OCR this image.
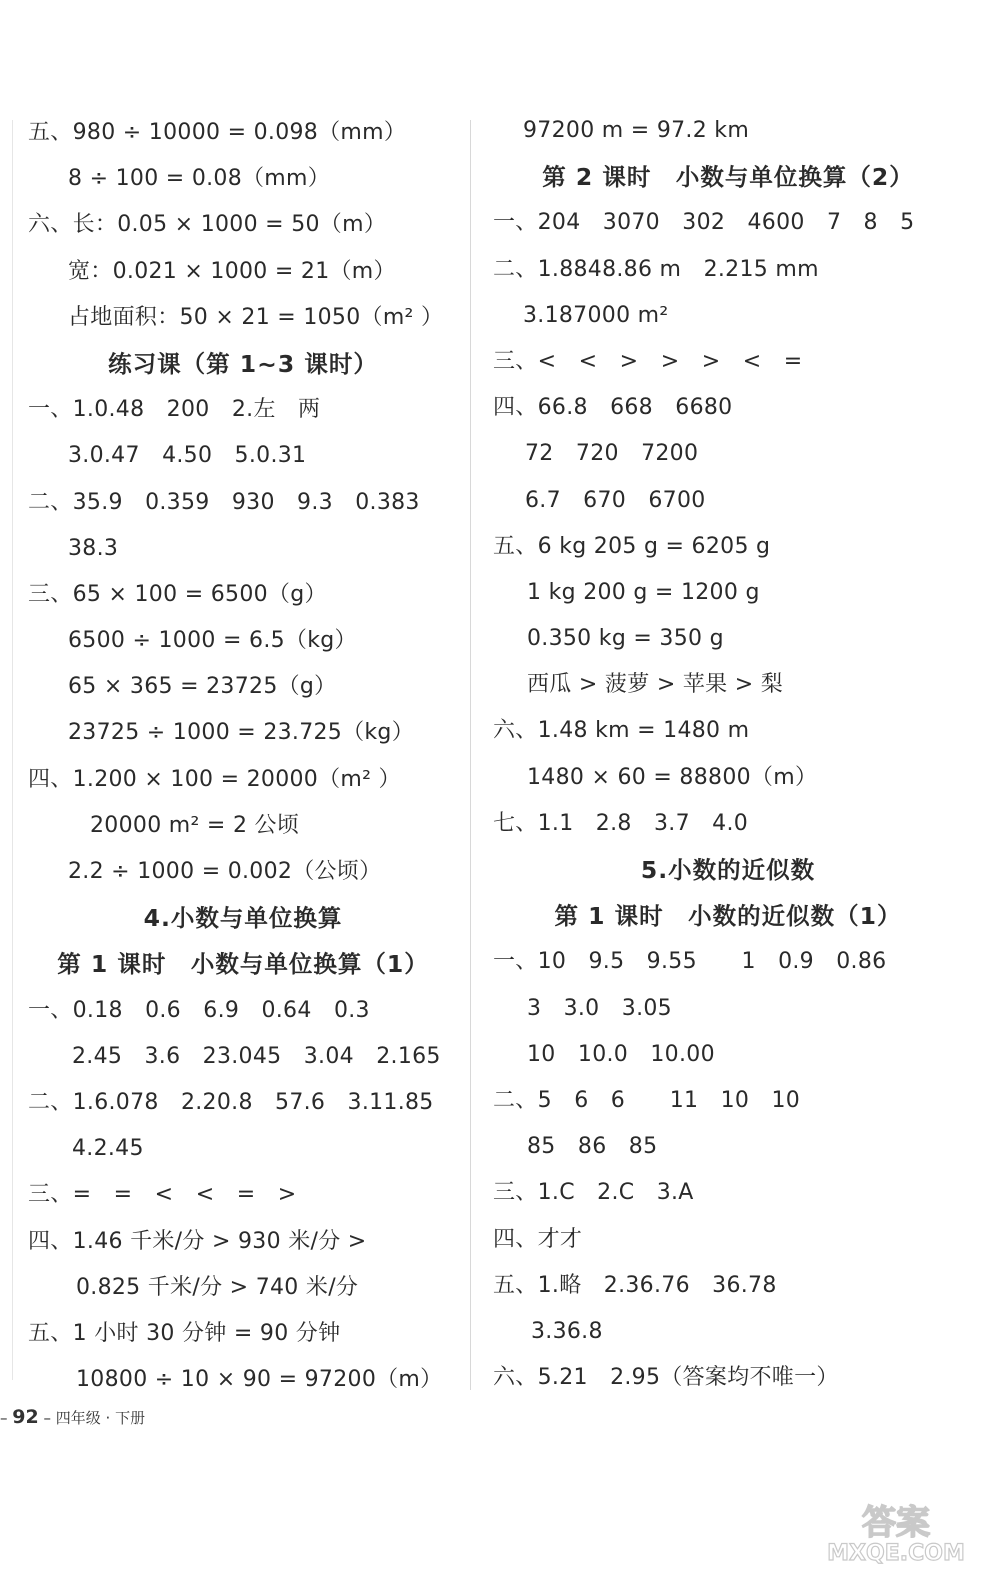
五、980 ÷ 10000 = 0.098（mm）
8 ÷ 100 = 0.08（mm）
六、长：0.05 × 1000 = 50（m）
宽：0.021 × 1000 = 21（m）
占地面积：50 × 21 = 1050（m² ）
练习课（第 1~3 课时）
一、1.0.48　200　2.左　两
3.0.47　4.50　5.0.31
二、35.9　0.359　930　9.3　0.383
38.3
三、65 × 100 = 6500（g）
6500 ÷ 1000 = 6.5（kg）
65 × 365 = 23725（g）
23725 ÷ 1000 = 23.725（kg）
四、1.200 × 100 = 20000（m² ）
20000 m² = 2 公顷
2.2 ÷ 1000 = 0.002（公顷）
4.小数与单位换算
第 1 课时　小数与单位换算（1）
一、0.18　0.6　6.9　0.64　0.3
2.45　3.6　23.045　3.04　2.165
二、1.6.078　2.20.8　57.6　3.11.85
4.2.45
三、=　=　<　<　=　>
四、1.46 千米/分 > 930 米/分 >
0.825 千米/分 > 740 米/分
五、1 小时 30 分钟 = 90 分钟
10800 ÷ 10 × 90 = 97200（m）
97200 m = 97.2 km
第 2 课时　小数与单位换算（2）
一、204　3070　302　4600　7　8　5
二、1.8848.86 m　2.215 mm
3.187000 m²
三、<　<　>　>　>　<　=
四、66.8　668　6680
72　720　7200
6.7　670　6700
五、6 kg 205 g = 6205 g
1 kg 200 g = 1200 g
0.350 kg = 350 g
西瓜 > 菠萝 > 苹果 > 梨
六、1.48 km = 1480 m
1480 × 60 = 88800（m）
七、1.1　2.8　3.7　4.0
5.小数的近似数
第 1 课时　小数的近似数（1）
一、10　9.5　9.55　　1　0.9　0.86
3　3.0　3.05
10　10.0　10.00
二、5　6　6　　11　10　10
85　86　85
三、1.C　2.C　3.A
四、才才
五、1.略　2.36.76　36.78
3.36.8
六、5.21　2.95（答案均不唯一）
– 92 – 四年级 · 下册
答案
MXQE.COM
